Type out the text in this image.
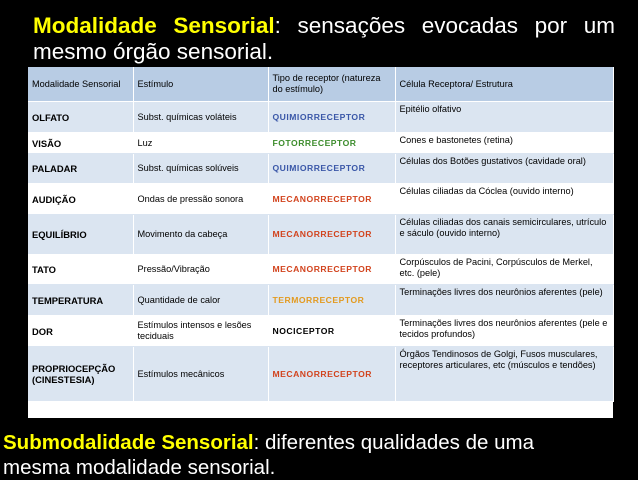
Modalidade Sensorial: sensações evocadas por um mesmo órgão sensorial.
Modalidade Sensorial	Estímulo	Tipo de receptor (natureza do estímulo)	Célula Receptora/ Estrutura
OLFATO	Subst. químicas voláteis	QUIMIORRECEPTOR	Epitélio olfativo
VISÃO	Luz	FOTORRECEPTOR	Cones e bastonetes (retina)
PALADAR	Subst. químicas solúveis	QUIMIORRECEPTOR	Células dos Botões gustativos (cavidade oral)
AUDIÇÃO	Ondas de pressão sonora	MECANORRECEPTOR	Células ciliadas da Cóclea (ouvido interno)
EQUILÍBRIO	Movimento da cabeça	MECANORRECEPTOR	Células ciliadas dos canais semicirculares, utrículo e sáculo (ouvido interno)
TATO	Pressão/Vibração	MECANORRECEPTOR	Corpúsculos de Pacini, Corpúsculos de Merkel, etc. (pele)
TEMPERATURA	Quantidade de calor	TERMORRECEPTOR	Terminações livres dos neurônios aferentes (pele)
DOR	Estímulos intensos e lesões teciduais	NOCICEPTOR	Terminações livres dos neurônios aferentes (pele e tecidos profundos)
PROPRIOCEPÇÃO (CINESTESIA)	Estímulos mecânicos	MECANORRECEPTOR	Órgãos Tendinosos de Golgi, Fusos musculares, receptores articulares, etc (músculos e tendões)
Submodalidade Sensorial: diferentes qualidades de uma mesma modalidade sensorial.
